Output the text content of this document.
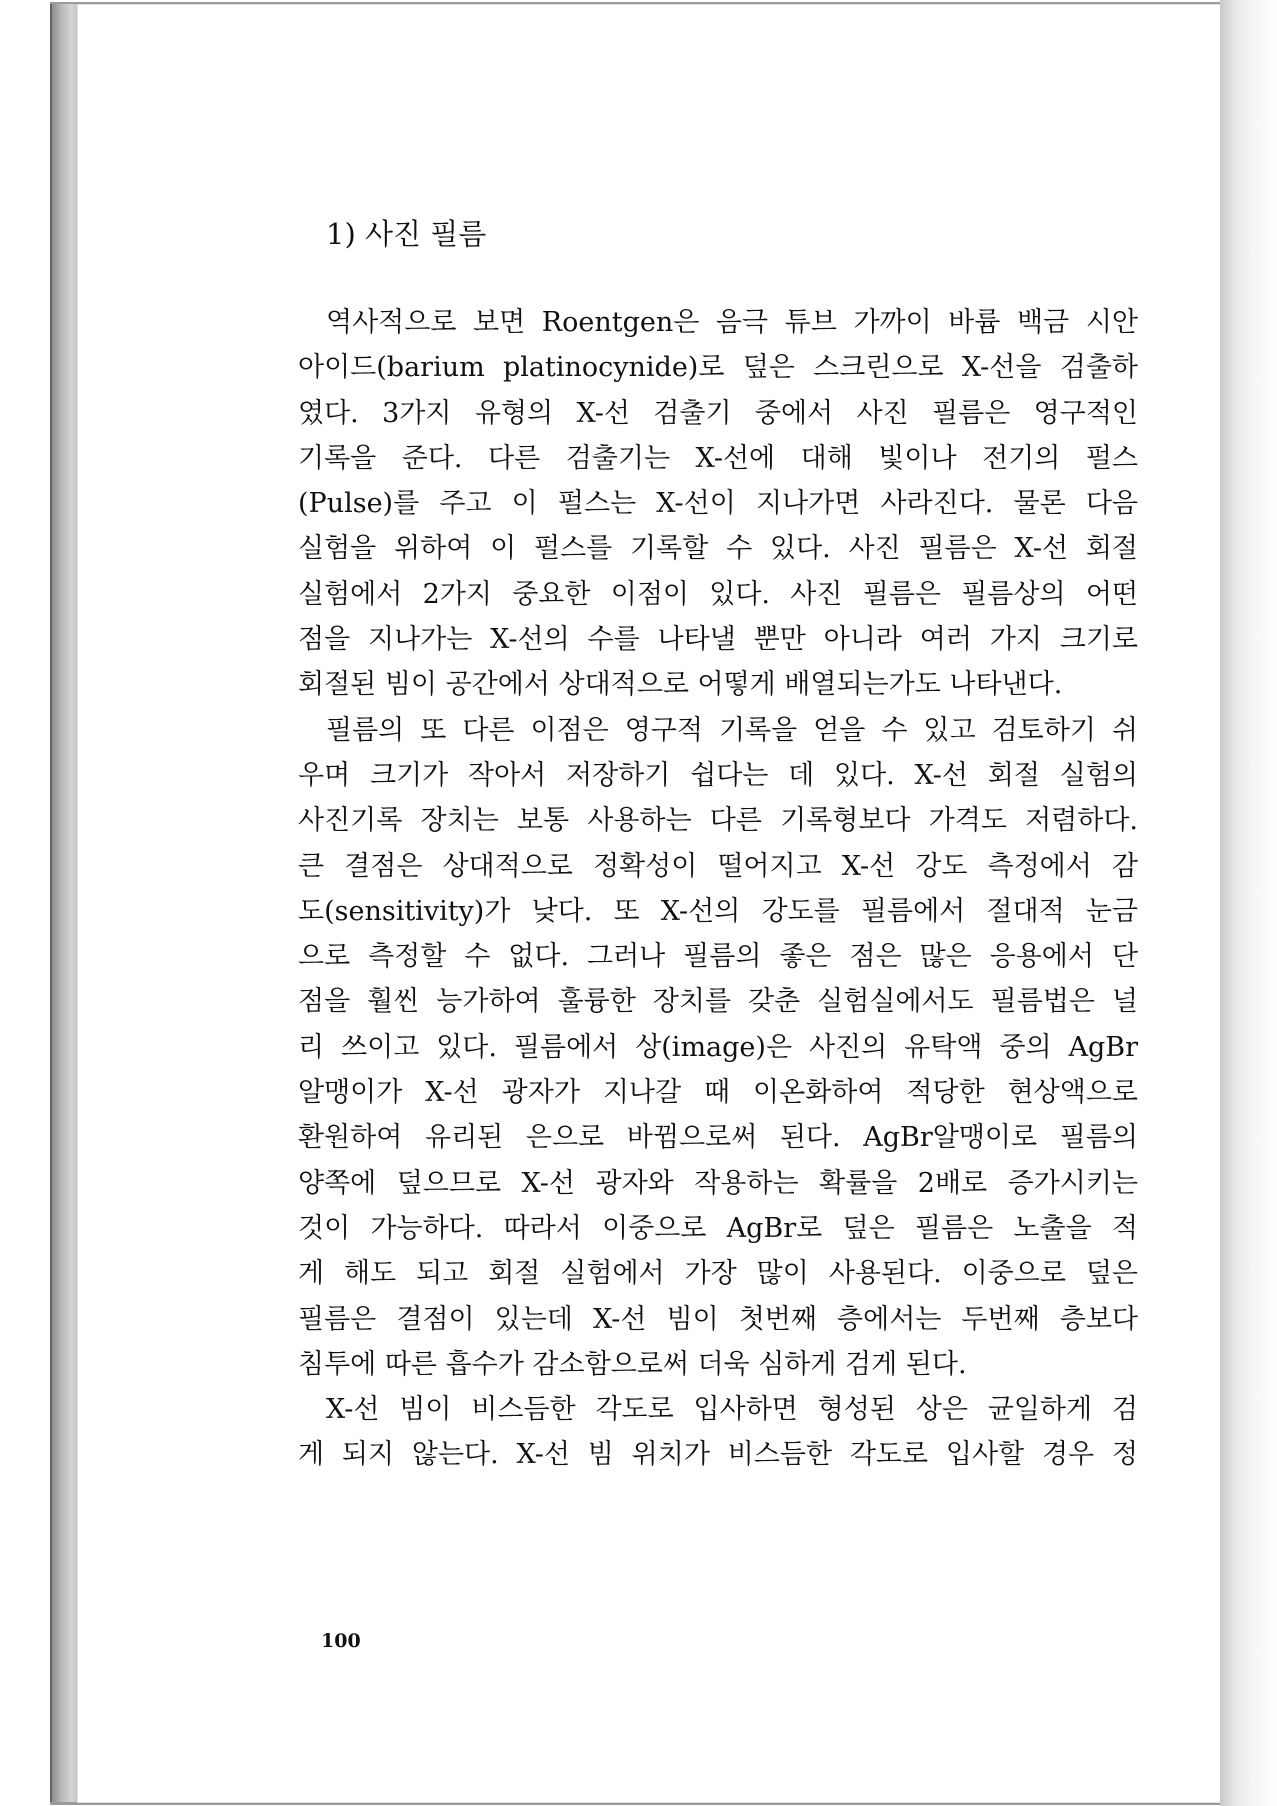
1) 사진 필름
역사적으로 보면 Roentgen은 음극 튜브 가까이 바륨 백금 시안
아이드(barium platinocynide)로 덮은 스크린으로 X-선을 검출하
였다. 3가지 유형의 X-선 검출기 중에서 사진 필름은 영구적인
기록을 준다. 다른 검출기는 X-선에 대해 빛이나 전기의 펄스
(Pulse)를 주고 이 펄스는 X-선이 지나가면 사라진다. 물론 다음
실험을 위하여 이 펄스를 기록할 수 있다. 사진 필름은 X-선 회절
실험에서 2가지 중요한 이점이 있다. 사진 필름은 필름상의 어떤
점을 지나가는 X-선의 수를 나타낼 뿐만 아니라 여러 가지 크기로
회절된 빔이 공간에서 상대적으로 어떻게 배열되는가도 나타낸다.
필름의 또 다른 이점은 영구적 기록을 얻을 수 있고 검토하기 쉬
우며 크기가 작아서 저장하기 쉽다는 데 있다. X-선 회절 실험의
사진기록 장치는 보통 사용하는 다른 기록형보다 가격도 저렴하다.
큰 결점은 상대적으로 정확성이 떨어지고 X-선 강도 측정에서 감
도(sensitivity)가 낮다. 또 X-선의 강도를 필름에서 절대적 눈금
으로 측정할 수 없다. 그러나 필름의 좋은 점은 많은 응용에서 단
점을 훨씬 능가하여 훌륭한 장치를 갖춘 실험실에서도 필름법은 널
리 쓰이고 있다. 필름에서 상(image)은 사진의 유탁액 중의 AgBr
알맹이가 X-선 광자가 지나갈 때 이온화하여 적당한 현상액으로
환원하여 유리된 은으로 바뀜으로써 된다. AgBr알맹이로 필름의
양쪽에 덮으므로 X-선 광자와 작용하는 확률을 2배로 증가시키는
것이 가능하다. 따라서 이중으로 AgBr로 덮은 필름은 노출을 적
게 해도 되고 회절 실험에서 가장 많이 사용된다. 이중으로 덮은
필름은 결점이 있는데 X-선 빔이 첫번째 층에서는 두번째 층보다
침투에 따른 흡수가 감소함으로써 더욱 심하게 검게 된다.
X-선 빔이 비스듬한 각도로 입사하면 형성된 상은 균일하게 검
게 되지 않는다. X-선 빔 위치가 비스듬한 각도로 입사할 경우 정
100
